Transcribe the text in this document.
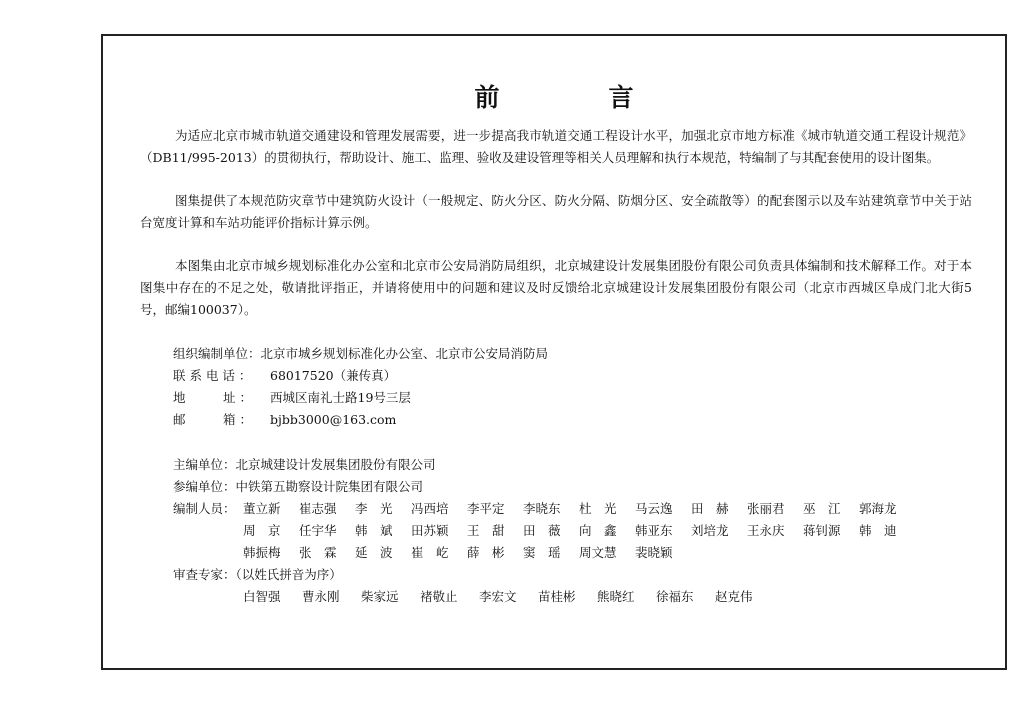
前　言

为适应北京市城市轨道交通建设和管理发展需要，进一步提高我市轨道交通工程设计水平，加强北京市地方标准《城市轨道交通工程设计规范》（DB11/995-2013）的贯彻执行，帮助设计、施工、监理、验收及建设管理等相关人员理解和执行本规范，特编制了与其配套使用的设计图集。

图集提供了本规范防灾章节中建筑防火设计（一般规定、防火分区、防火分隔、防烟分区、安全疏散等）的配套图示以及车站建筑章节中关于站台宽度计算和车站功能评价指标计算示例。

本图集由北京市城乡规划标准化办公室和北京市公安局消防局组织，北京城建设计发展集团股份有限公司负责具体编制和技术解释工作。对于本图集中存在的不足之处，敬请批评指正，并请将使用中的问题和建议及时反馈给北京城建设计发展集团股份有限公司（北京市西城区阜成门北大街5号，邮编100037）。

组织编制单位：北京市城乡规划标准化办公室、北京市公安局消防局
联 系 电 话 ： 68017520（兼传真）
地　　　址 ： 西城区南礼士路19号三层
邮　　　箱 ： bjbb3000@163.com
主编单位：北京城建设计发展集团股份有限公司
参编单位：中铁第五勘察设计院集团有限公司
编制人员： 董立新 崔志强 李　光 冯西培 李平定 李晓东 杜　光 马云逸 田　赫 张丽君 巫　江 郭海龙
周　京 任宇华 韩　斌 田苏颖 王　甜 田　薇 向　鑫 韩亚东 刘培龙 王永庆 蒋钊源 韩　迪
韩振梅 张　霖 延　波 崔　屹 薛　彬 窦　瑶 周文慧 裴晓颖
审查专家：（以姓氏拼音为序）
白智强 曹永刚 柴家远 褚敬止 李宏文 苗桂彬 熊晓红 徐福东 赵克伟
